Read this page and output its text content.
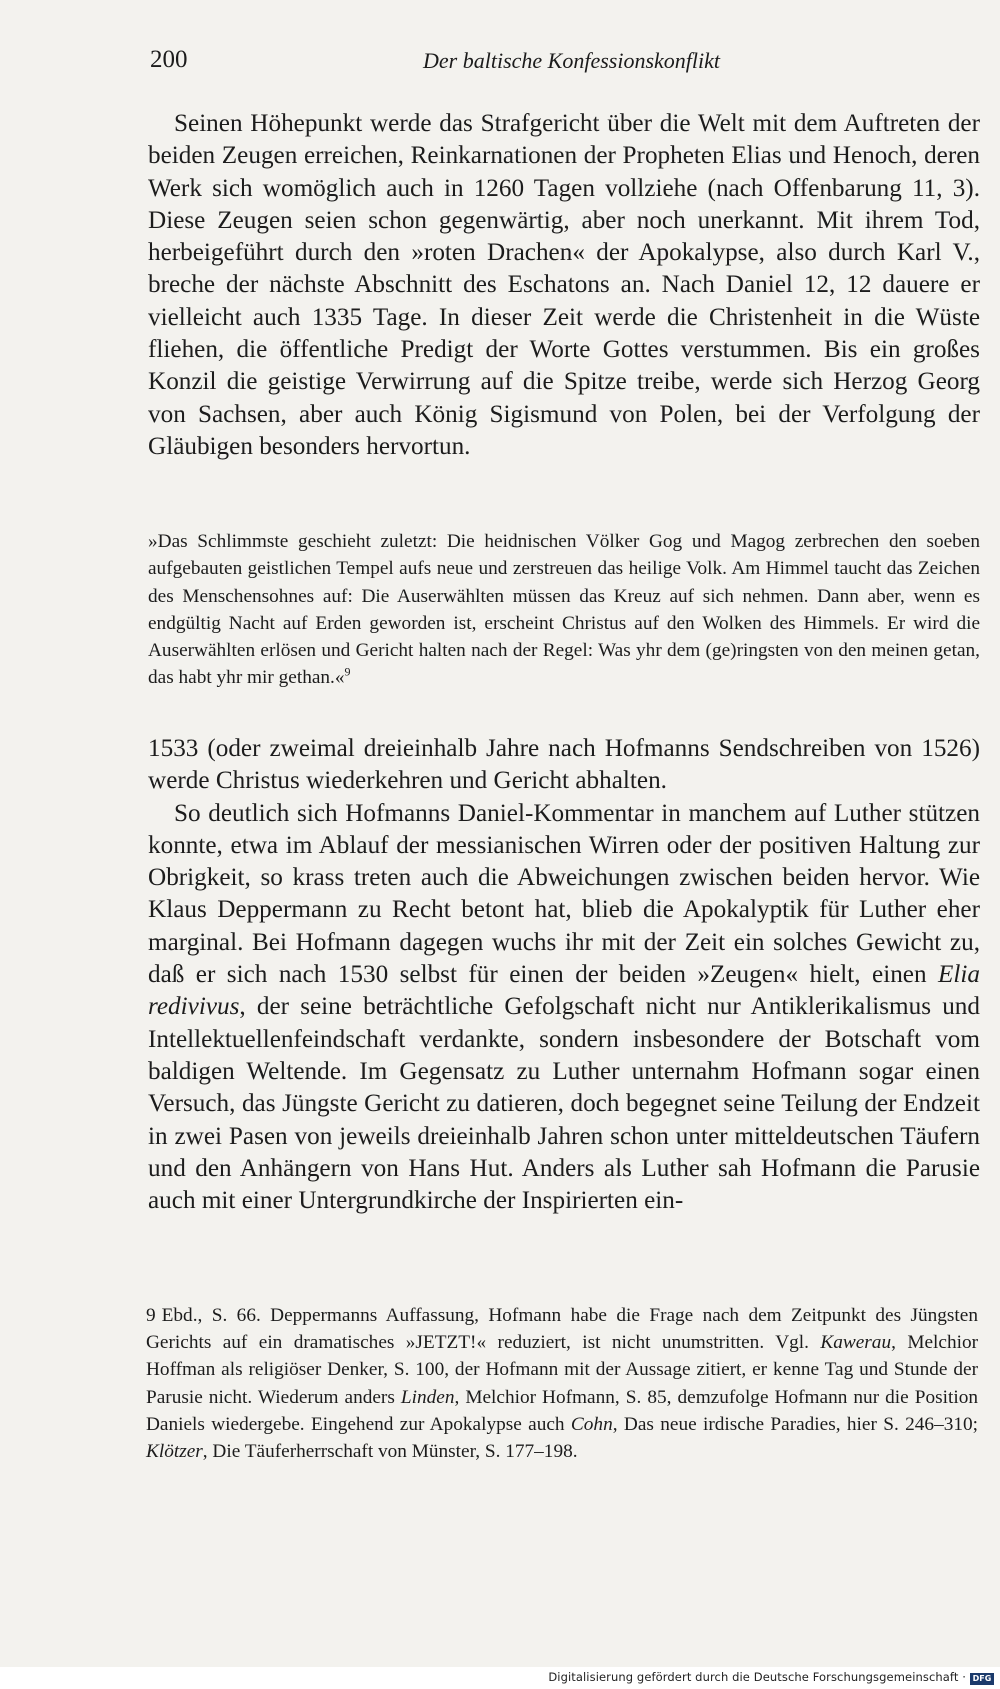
200	Der baltische Konfessionskonflikt

Seinen Höhepunkt werde das Strafgericht über die Welt mit dem Auftreten der beiden Zeugen erreichen, Reinkarnationen der Propheten Elias und Henoch, deren Werk sich womöglich auch in 1260 Tagen vollziehe (nach Offenbarung 11, 3). Diese Zeugen seien schon gegenwärtig, aber noch unerkannt. Mit ihrem Tod, herbeigeführt durch den »roten Drachen« der Apokalypse, also durch Karl V., breche der nächste Abschnitt des Eschatons an. Nach Daniel 12, 12 dauere er vielleicht auch 1335 Tage. In dieser Zeit werde die Christenheit in die Wüste fliehen, die öffentliche Predigt der Worte Gottes verstummen. Bis ein großes Konzil die geistige Verwirrung auf die Spitze treibe, werde sich Herzog Georg von Sachsen, aber auch König Sigismund von Polen, bei der Verfolgung der Gläubigen besonders hervortun.

»Das Schlimmste geschieht zuletzt: Die heidnischen Völker Gog und Magog zerbrechen den soeben aufgebauten geistlichen Tempel aufs neue und zerstreuen das heilige Volk. Am Himmel taucht das Zeichen des Menschensohnes auf: Die Auserwählten müssen das Kreuz auf sich nehmen. Dann aber, wenn es endgültig Nacht auf Erden geworden ist, erscheint Christus auf den Wolken des Himmels. Er wird die Auserwählten erlösen und Gericht halten nach der Regel: Was yhr dem (ge)ringsten von den meinen getan, das habt yhr mir gethan.«$^9$

1533 (oder zweimal dreieinhalb Jahre nach Hofmanns Sendschreiben von 1526) werde Christus wiederkehren und Gericht abhalten.

So deutlich sich Hofmanns Daniel-Kommentar in manchem auf Luther stützen konnte, etwa im Ablauf der messianischen Wirren oder der positiven Haltung zur Obrigkeit, so krass treten auch die Abweichungen zwischen beiden hervor. Wie Klaus Deppermann zu Recht betont hat, blieb die Apokalyptik für Luther eher marginal. Bei Hofmann dagegen wuchs ihr mit der Zeit ein solches Gewicht zu, daß er sich nach 1530 selbst für einen der beiden »Zeugen« hielt, einen Elia redivivus, der seine beträchtliche Gefolgschaft nicht nur Antiklerikalismus und Intellektuellenfeindschaft verdankte, sondern insbesondere der Botschaft vom baldigen Weltende. Im Gegensatz zu Luther unternahm Hofmann sogar einen Versuch, das Jüngste Gericht zu datieren, doch begegnet seine Teilung der Endzeit in zwei Pasen von jeweils dreieinhalb Jahren schon unter mitteldeutschen Täufern und den Anhängern von Hans Hut. Anders als Luther sah Hofmann die Parusie auch mit einer Untergrundkirche der Inspirierten ein-

9 Ebd., S. 66. Deppermanns Auffassung, Hofmann habe die Frage nach dem Zeitpunkt des Jüngsten Gerichts auf ein dramatisches »JETZT!« reduziert, ist nicht unumstritten. Vgl. Kawerau, Melchior Hoffman als religiöser Denker, S. 100, der Hofmann mit der Aussage zitiert, er kenne Tag und Stunde der Parusie nicht. Wiederum anders Linden, Melchior Hofmann, S. 85, demzufolge Hofmann nur die Position Daniels wiedergebe. Eingehend zur Apokalypse auch Cohn, Das neue irdische Paradies, hier S. 246–310; Klötzer, Die Täuferherrschaft von Münster, S. 177–198.

Digitalisierung gefördert durch die Deutsche Forschungsgemeinschaft · DFG
